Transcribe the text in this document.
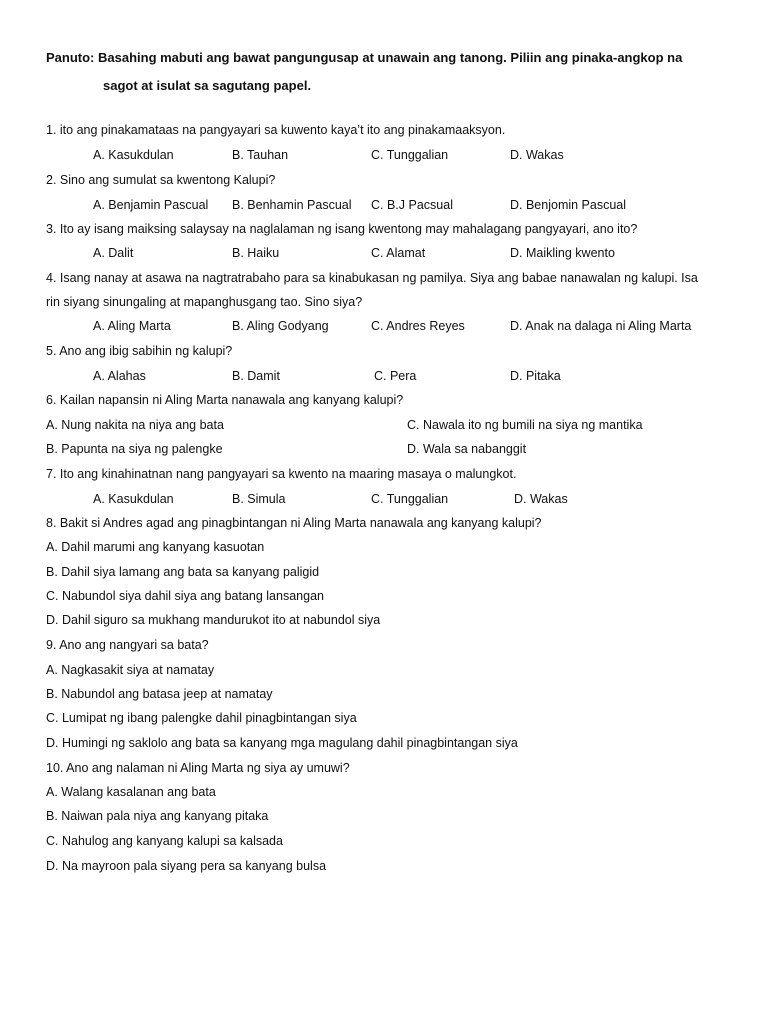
Panuto: Basahing mabuti ang bawat pangungusap at unawain ang tanong. Piliin ang pinaka-angkop na
sagot at isulat sa sagutang papel.
1. ito ang pinakamataas na pangyayari sa kuwento kaya’t ito ang pinakamaaksyon.
A. Kasukdulan	B. Tauhan	C. Tunggalian	D. Wakas
2. Sino ang sumulat sa kwentong Kalupi?
A. Benjamin Pascual B. Benhamin Pascual C. B.J Pacsual	D. Benjomin Pascual
3. Ito ay isang maiksing salaysay na naglalaman ng isang kwentong may mahalagang pangyayari, ano ito?
A. Dalit	B. Haiku	C. Alamat	D. Maikling kwento
4. Isang nanay at asawa na nagtratrabaho para sa kinabukasan ng pamilya. Siya ang babae nanawalan ng kalupi. Isa
rin siyang sinungaling at mapanghusgang tao. Sino siya?
A. Aling Marta	B. Aling Godyang	C. Andres Reyes	D. Anak na dalaga ni Aling Marta
5. Ano ang ibig sabihin ng kalupi?
A. Alahas	B. Damit	C. Pera	D. Pitaka
6. Kailan napansin ni Aling Marta nanawala ang kanyang kalupi?
A. Nung nakita na niya ang bata	C. Nawala ito ng bumili na siya ng mantika
B. Papunta na siya ng palengke	D. Wala sa nabanggit
7. Ito ang kinahinatnan nang pangyayari sa kwento na maaring masaya o malungkot.
A. Kasukdulan	B. Simula	C. Tunggalian	D. Wakas
8. Bakit si Andres agad ang pinagbintangan ni Aling Marta nanawala ang kanyang kalupi?
A. Dahil marumi ang kanyang kasuotan
B. Dahil siya lamang ang bata sa kanyang paligid
C. Nabundol siya dahil siya ang batang lansangan
D. Dahil siguro sa mukhang mandurukot ito at nabundol siya
9. Ano ang nangyari sa bata?
A. Nagkasakit siya at namatay
B. Nabundol ang batasa jeep at namatay
C. Lumipat ng ibang palengke dahil pinagbintangan siya
D. Humingi ng saklolo ang bata sa kanyang mga magulang dahil pinagbintangan siya
10. Ano ang nalaman ni Aling Marta ng siya ay umuwi?
A. Walang kasalanan ang bata
B. Naiwan pala niya ang kanyang pitaka
C. Nahulog ang kanyang kalupi sa kalsada
D. Na mayroon pala siyang pera sa kanyang bulsa
